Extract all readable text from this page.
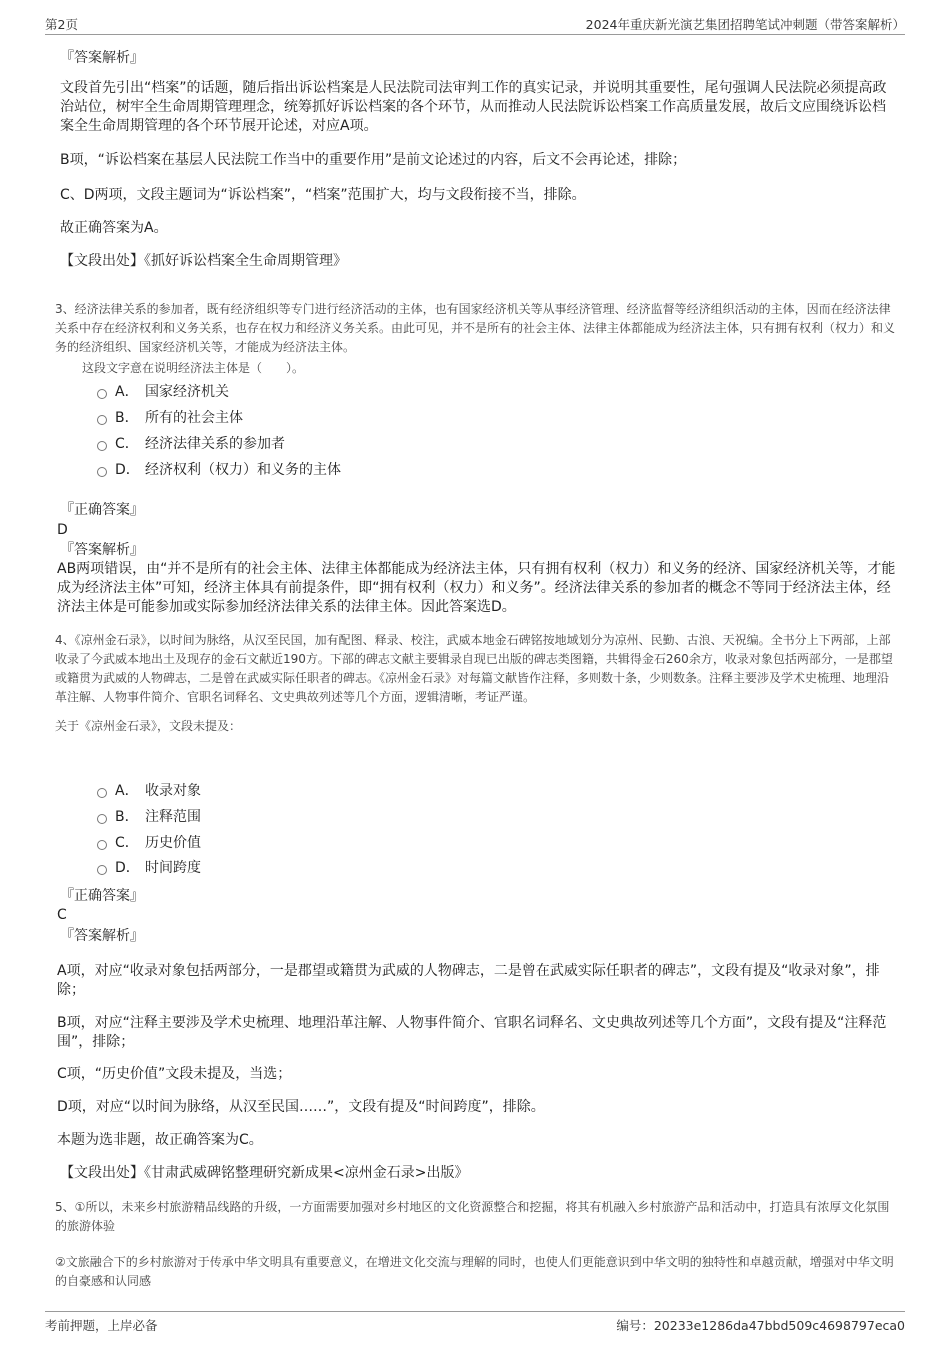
第2页	2024年重庆新光演艺集团招聘笔试冲刺题（带答案解析）

『答案解析』

文段首先引出“档案”的话题，随后指出诉讼档案是人民法院司法审判工作的真实记录，并说明其重要性，尾句强调人民法院必须提高政治站位，树牢全生命周期管理理念，统筹抓好诉讼档案的各个环节，从而推动人民法院诉讼档案工作高质量发展，故后文应围绕诉讼档案全生命周期管理的各个环节展开论述，对应A项。

B项，“诉讼档案在基层人民法院工作当中的重要作用”是前文论述过的内容，后文不会再论述，排除；

C、D两项，文段主题词为“诉讼档案”，“档案”范围扩大，均与文段衔接不当，排除。

故正确答案为A。

【文段出处】《抓好诉讼档案全生命周期管理》

3、经济法律关系的参加者，既有经济组织等专门进行经济活动的主体，也有国家经济机关等从事经济管理、经济监督等经济组织活动的主体，因而在经济法律关系中存在经济权利和义务关系，也存在权力和经济义务关系。由此可见，并不是所有的社会主体、法律主体都能成为经济法主体，只有拥有权利（权力）和义务的经济组织、国家经济机关等，才能成为经济法主体。

这段文字意在说明经济法主体是（　　）。

A． 国家经济机关
B． 所有的社会主体
C． 经济法律关系的参加者
D． 经济权利（权力）和义务的主体

『正确答案』

D

『答案解析』

AB两项错误，由“并不是所有的社会主体、法律主体都能成为经济法主体，只有拥有权利（权力）和义务的经济、国家经济机关等，才能成为经济法主体”可知，经济主体具有前提条件，即“拥有权利（权力）和义务”。经济法律关系的参加者的概念不等同于经济法主体，经济法主体是可能参加或实际参加经济法律关系的法律主体。因此答案选D。

4、《凉州金石录》，以时间为脉络，从汉至民国，加有配图、释录、校注，武威本地金石碑铭按地域划分为凉州、民勤、古浪、天祝编。全书分上下两部，上部收录了今武威本地出土及现存的金石文献近190方。下部的碑志文献主要辑录自现已出版的碑志类图籍，共辑得金石260余方，收录对象包括两部分，一是郡望或籍贯为武威的人物碑志，二是曾在武威实际任职者的碑志。《凉州金石录》对每篇文献皆作注释，多则数十条，少则数条。注释主要涉及学术史梳理、地理沿革注解、人物事件简介、官职名词释名、文史典故列述等几个方面，逻辑清晰，考证严谨。

关于《凉州金石录》，文段未提及：

A． 收录对象
B． 注释范围
C． 历史价值
D． 时间跨度

『正确答案』

C

『答案解析』

A项，对应“收录对象包括两部分，一是郡望或籍贯为武威的人物碑志，二是曾在武威实际任职者的碑志”，文段有提及“收录对象”，排除；

B项，对应“注释主要涉及学术史梳理、地理沿革注解、人物事件简介、官职名词释名、文史典故列述等几个方面”，文段有提及“注释范围”，排除；

C项，“历史价值”文段未提及，当选；

D项，对应“以时间为脉络，从汉至民国……”，文段有提及“时间跨度”，排除。

本题为选非题，故正确答案为C。

【文段出处】《甘肃武威碑铭整理研究新成果<凉州金石录>出版》

5、①所以，未来乡村旅游精品线路的升级，一方面需要加强对乡村地区的文化资源整合和挖掘，将其有机融入乡村旅游产品和活动中，打造具有浓厚文化氛围的旅游体验

②文旅融合下的乡村旅游对于传承中华文明具有重要意义，在增进文化交流与理解的同时，也使人们更能意识到中华文明的独特性和卓越贡献，增强对中华文明的自豪感和认同感

考前押题，上岸必备	编号：20233e1286da47bbd509c4698797eca0
